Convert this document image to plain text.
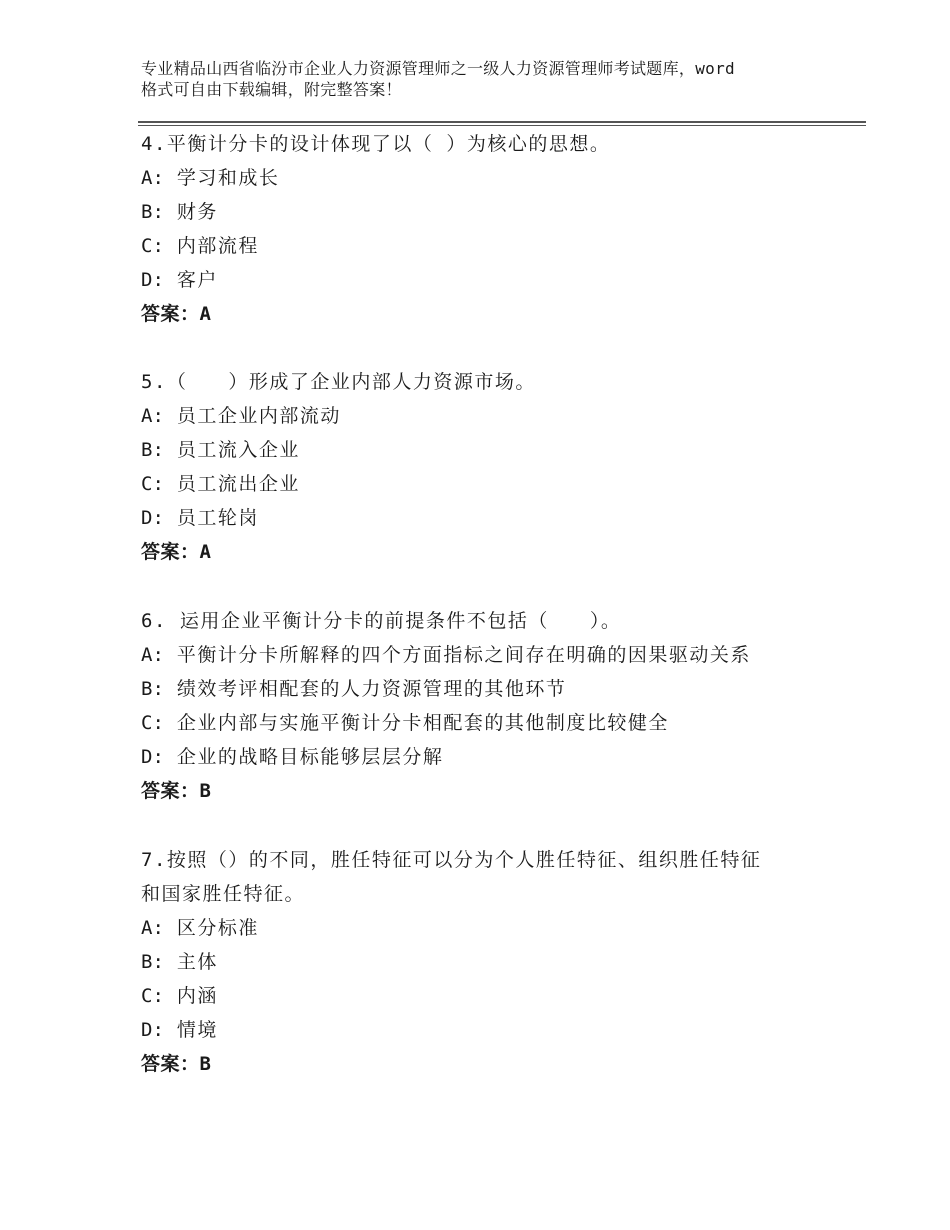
专业精品山西省临汾市企业人力资源管理师之一级人力资源管理师考试题库，word
格式可自由下载编辑，附完整答案！
4.平衡计分卡的设计体现了以（ ）为核心的思想。
A: 学习和成长
B: 财务
C: 内部流程
D: 客户
答案：A
5.（　　）形成了企业内部人力资源市场。
A: 员工企业内部流动
B: 员工流入企业
C: 员工流出企业
D: 员工轮岗
答案：A
6. 运用企业平衡计分卡的前提条件不包括（　　）。
A: 平衡计分卡所解释的四个方面指标之间存在明确的因果驱动关系
B: 绩效考评相配套的人力资源管理的其他环节
C: 企业内部与实施平衡计分卡相配套的其他制度比较健全
D: 企业的战略目标能够层层分解
答案：B
7.按照（）的不同，胜任特征可以分为个人胜任特征、组织胜任特征
和国家胜任特征。
A: 区分标准
B: 主体
C: 内涵
D: 情境
答案：B
